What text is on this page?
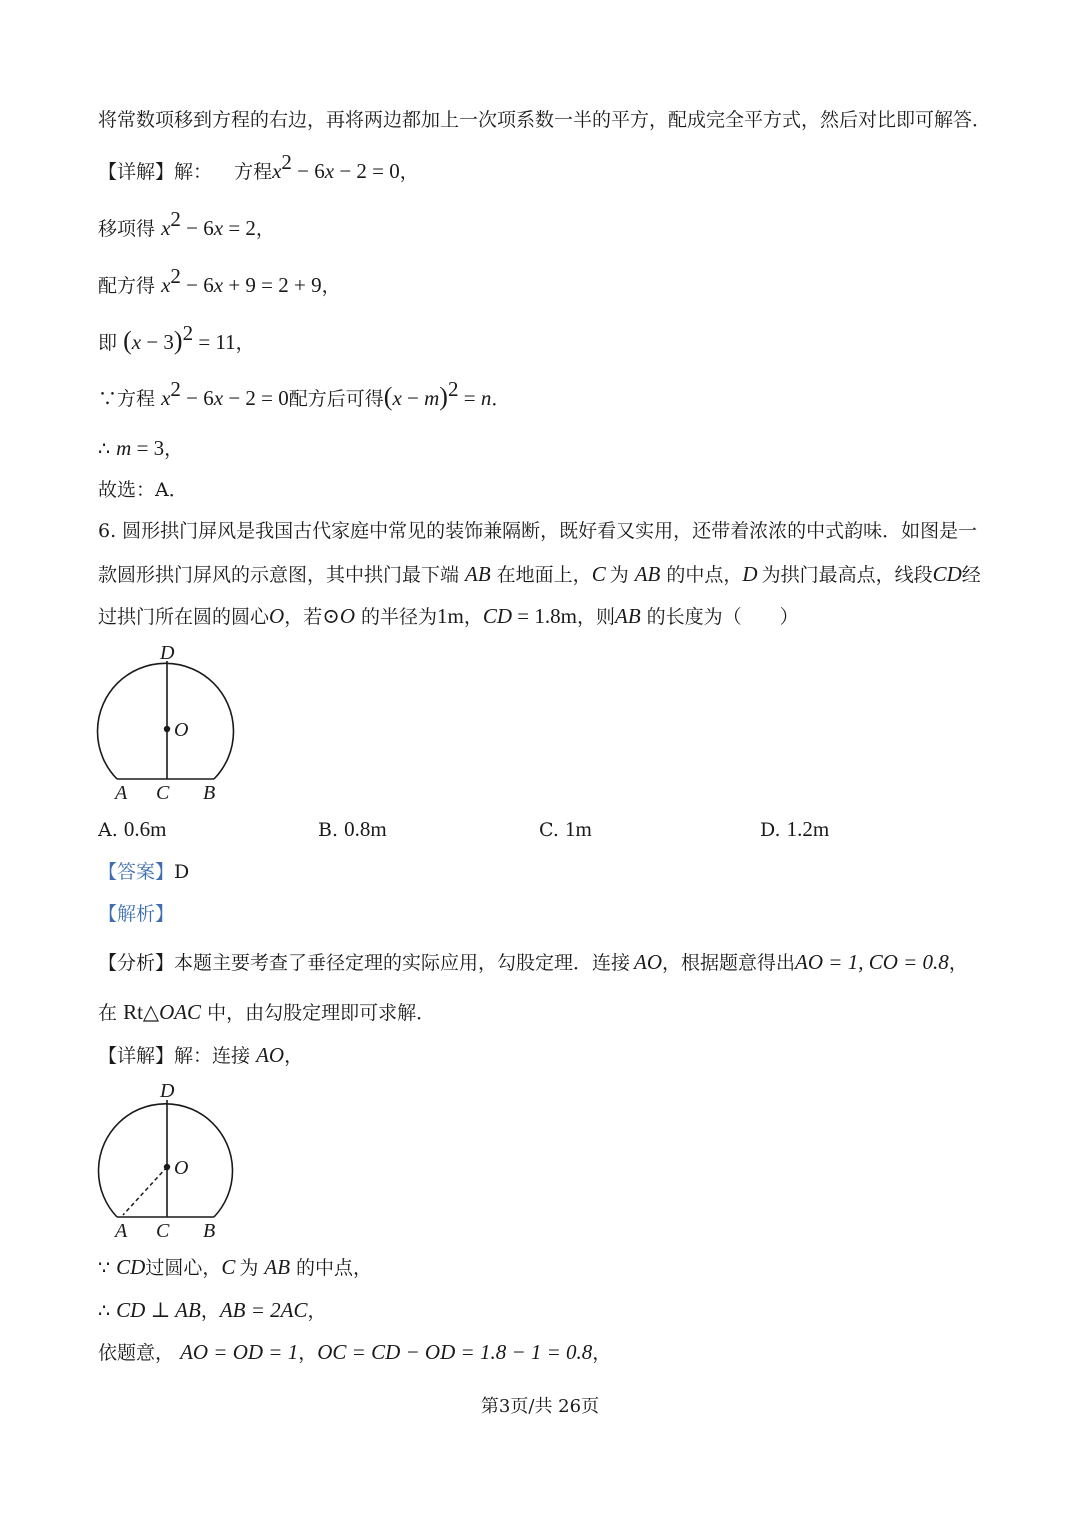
将常数项移到方程的右边，再将两边都加上一次项系数一半的平方，配成完全平方式，然后对比即可解答．
【详解】解： 方程$x^2 - 6x - 2 = 0$，
移项得 $x^2 - 6x = 2$，
配方得 $x^2 - 6x + 9 = 2 + 9$，
即 $(x - 3)^2 = 11$，
∵方程 $x^2 - 6x - 2 = 0$配方后可得$(x - m)^2 = n$．
∴ m = 3，
故选：A．
6. 圆形拱门屏风是我国古代家庭中常见的装饰兼隔断，既好看又实用，还带着浓浓的中式韵味．如图是一
款圆形拱门屏风的示意图，其中拱门最下端 AB 在地面上，C 为 AB 的中点，D 为拱门最高点，线段CD经
过拱门所在圆的圆心O，若⊙O 的半径为1m，CD = 1.8m，则AB 的长度为（　　）
D
O
A C B
A. 0.6m	B. 0.8m	C. 1m	D. 1.2m
【答案】D
【解析】
【分析】本题主要考查了垂径定理的实际应用，勾股定理．连接 AO，根据题意得出AO = 1, CO = 0.8，
在 Rt△OAC 中，由勾股定理即可求解．
【详解】解：连接 AO，
D
O
A C B
∵ CD过圆心，C 为 AB 的中点，
∴ CD ⊥ AB，AB = 2AC，
依题意， AO = OD = 1，OC = CD − OD = 1.8 − 1 = 0.8，
第3页/共 26页
